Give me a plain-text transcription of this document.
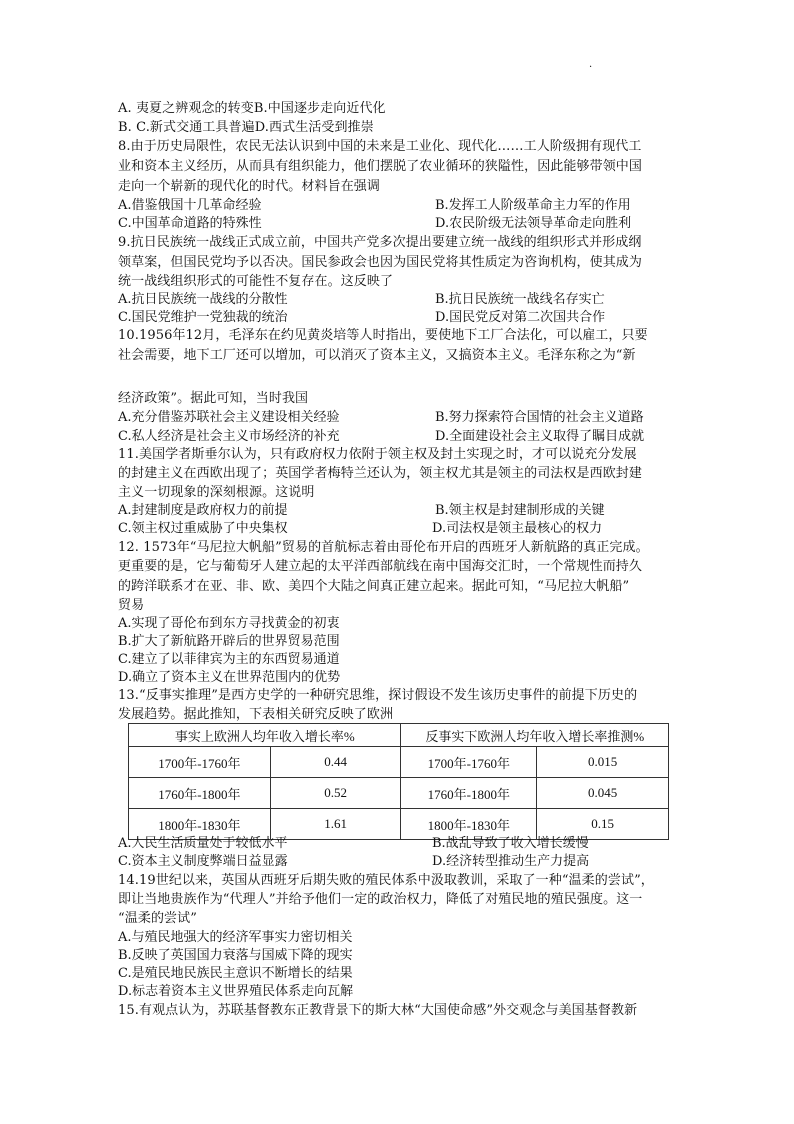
.
A. 夷夏之辨观念的转变B.中国逐步走向近代化
B. C.新式交通工具普遍D.西式生活受到推崇
8.由于历史局限性，农民无法认识到中国的未来是工业化、现代化……工人阶级拥有现代工
业和资本主义经历，从而具有组织能力，他们摆脱了农业循环的狭隘性，因此能够带领中国
走向一个崭新的现代化的时代。材料旨在强调
A.借鉴俄国十几革命经验	B.发挥工人阶级革命主力军的作用
C.中国革命道路的特殊性	D.农民阶级无法领导革命走向胜利
9.抗日民族统一战线正式成立前，中国共产党多次提出要建立统一战线的组织形式并形成纲
领草案，但国民党均予以否决。国民参政会也因为国民党将其性质定为咨询机构，使其成为
统一战线组织形式的可能性不复存在。这反映了
A.抗日民族统一战线的分散性	B.抗日民族统一战线名存实亡
C.国民党维护一党独裁的统治	D.国民党反对第二次国共合作
10.1956年12月，毛泽东在约见黄炎培等人时指出，要使地下工厂合法化，可以雇工，只要
社会需要，地下工厂还可以增加，可以消灭了资本主义，又搞资本主义。毛泽东称之为“新
经济政策”。据此可知，当时我国
A.充分借鉴苏联社会主义建设相关经验	B.努力探索符合国情的社会主义道路
C.私人经济是社会主义市场经济的补充	D.全面建设社会主义取得了瞩目成就
11.美国学者斯垂尔认为，只有政府权力依附于领主权及封土实现之时，才可以说充分发展
的封建主义在西欧出现了；英国学者梅特兰还认为，领主权尤其是领主的司法权是西欧封建
主义一切现象的深刻根源。这说明
A.封建制度是政府权力的前提	B.领主权是封建制形成的关键
C.领主权过重威胁了中央集权	D.司法权是领主最核心的权力
12. 1573年“马尼拉大帆船”贸易的首航标志着由哥伦布开启的西班牙人新航路的真正完成。
更重要的是，它与葡萄牙人建立起的太平洋西部航线在南中国海交汇时，一个常规性而持久
的跨洋联系才在亚、非、欧、美四个大陆之间真正建立起来。据此可知，“马尼拉大帆船”
贸易
A.实现了哥伦布到东方寻找黄金的初衷
B.扩大了新航路开辟后的世界贸易范围
C.建立了以菲律宾为主的东西贸易通道
D.确立了资本主义在世界范围内的优势
13.“反事实推理”是西方史学的一种研究思维，探讨假设不发生该历史事件的前提下历史的
发展趋势。据此推知，下表相关研究反映了欧洲
事实上欧洲人均年收入增长率%		反事实下欧洲人均年收入增长率推测%	
1700年-1760年	0.44	1700年-1760年	0.015
1760年-1800年	0.52	1760年-1800年	0.045
1800年-1830年	1.61	1800年-1830年	0.15
A.人民生活质量处于较低水平	B.战乱导致了收入增长缓慢
C.资本主义制度弊端日益显露	D.经济转型推动生产力提高
14.19世纪以来，英国从西班牙后期失败的殖民体系中汲取教训，采取了一种“温柔的尝试”，
即让当地贵族作为“代理人”并给予他们一定的政治权力，降低了对殖民地的殖民强度。这一
“温柔的尝试”
A.与殖民地强大的经济军事实力密切相关
B.反映了英国国力衰落与国威下降的现实
C.是殖民地民族民主意识不断增长的结果
D.标志着资本主义世界殖民体系走向瓦解
15.有观点认为，苏联基督教东正教背景下的斯大林“大国使命感”外交观念与美国基督教新
